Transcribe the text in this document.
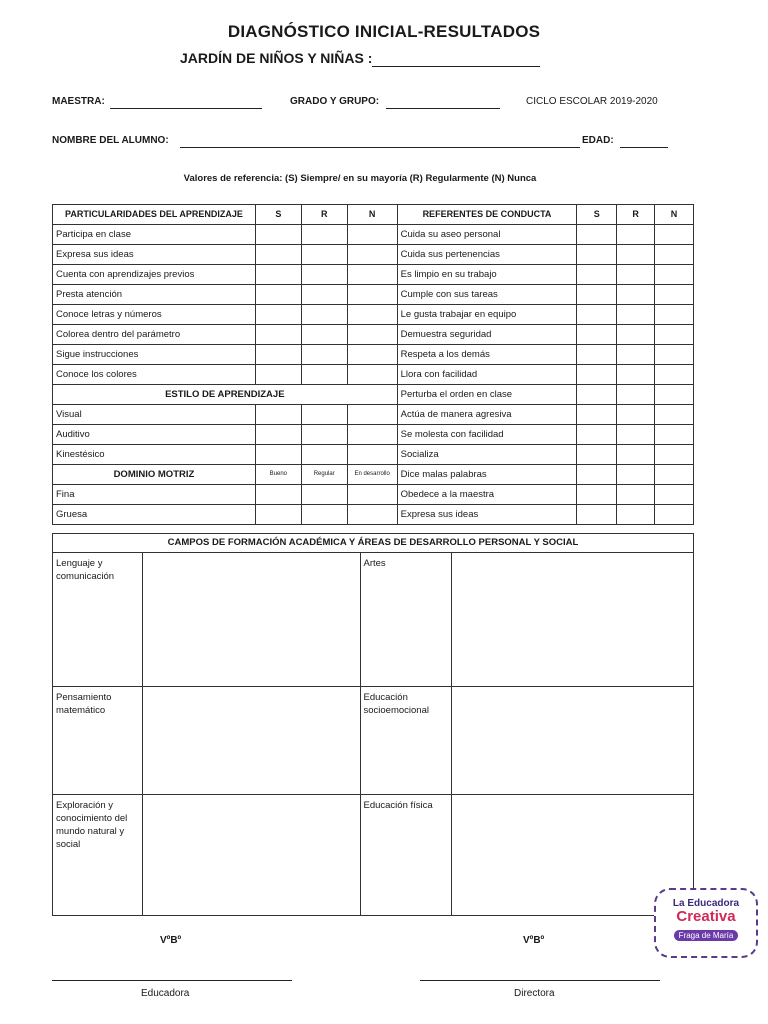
DIAGNÓSTICO INICIAL-RESULTADOS
JARDÍN DE NIÑOS Y NIÑAS :
MAESTRA:	GRADO Y GRUPO:	CICLO ESCOLAR 2019-2020
NOMBRE DEL ALUMNO:	EDAD:
Valores de referencia: (S) Siempre/ en su mayoría (R) Regularmente (N) Nunca
PARTICULARIDADES DEL APRENDIZAJE	S	R	N	REFERENTES DE CONDUCTA	S	R	N
Participa en clase				Cuida su aseo personal			
Expresa sus ideas				Cuida sus pertenencias			
Cuenta con aprendizajes previos				Es limpio en su trabajo			
Presta atención				Cumple con sus tareas			
Conoce letras y números				Le gusta trabajar en equipo			
Colorea dentro del parámetro				Demuestra seguridad			
Sigue instrucciones				Respeta a los demás			
Conoce los colores				Llora con facilidad			
ESTILO DE APRENDIZAJE				Perturba el orden en clase			
Visual				Actúa de manera agresiva			
Auditivo				Se molesta con facilidad			
Kinestésico				Socializa			
DOMINIO MOTRIZ	Bueno	Regular	En desarrollo	Dice malas palabras			
Fina				Obedece a la maestra			
Gruesa				Expresa sus ideas			
CAMPOS DE FORMACIÓN ACADÉMICA Y ÁREAS DE DESARROLLO PERSONAL Y SOCIAL			
Lenguaje y comunicación		Artes	
Pensamiento matemático		Educación socioemocional	
Exploración y conocimiento del mundo natural y social		Educación física	
VºBº	VºBº
Educadora	Directora
La Educadora
Creativa
Fraga de María
